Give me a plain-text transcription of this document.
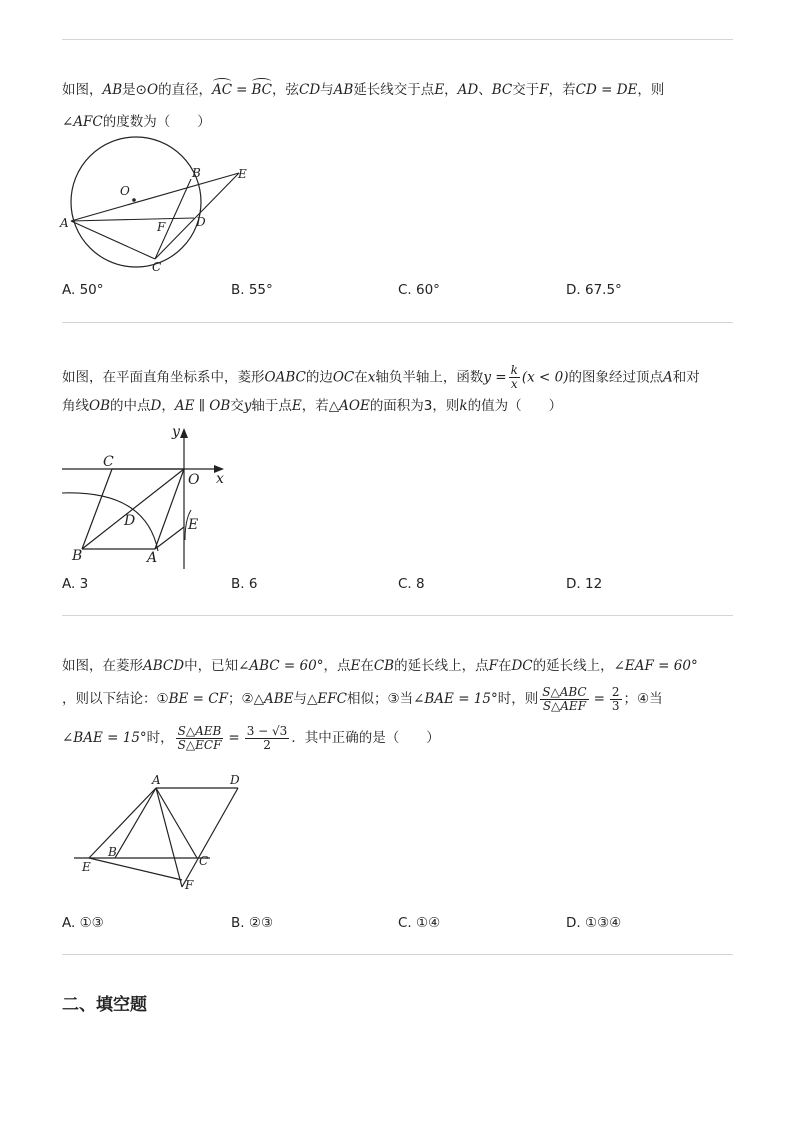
如图，AB是⊙O的直径，AC = BC，弦CD与AB延长线交于点E，AD、BC交于F，若CD = DE，则
∠AFC的度数为（　　）
O
B	E
A	F	D
C
A. 50°	B. 55°	C. 60°	D. 67.5°
如图，在平面直角坐标系中，菱形OABC的边OC在x轴负半轴上，函数$y = \frac{k}{x} (x < 0)$的图象经过顶点A和对
角线OB的中点D，AE ∥ OB交y轴于点E，若△AOE的面积为3，则k的值为（　　）
y
C
O x
D	E
B	A
A. 3	B. 6	C. 8	D. 12
如图，在菱形ABCD中，已知∠ABC = 60°，点E在CB的延长线上，点F在DC的延长线上，∠EAF = 60°
，则以下结论：①BE = CF；②△ABE与△EFC相似；③当∠BAE = 15°时，则 $\frac{\text{S△ABC}}{\text{S△AEF}} = \frac{2}{3}$ ；④当
∠BAE = 15°时， $\frac{\text{S△AEB}}{\text{S△ECF}} = \frac{3 - √3}{2}$ ．其中正确的是（　　）
A	D
B
C
E
F
A. ①③	B. ②③	C. ①④	D. ①③④
二、填空题
